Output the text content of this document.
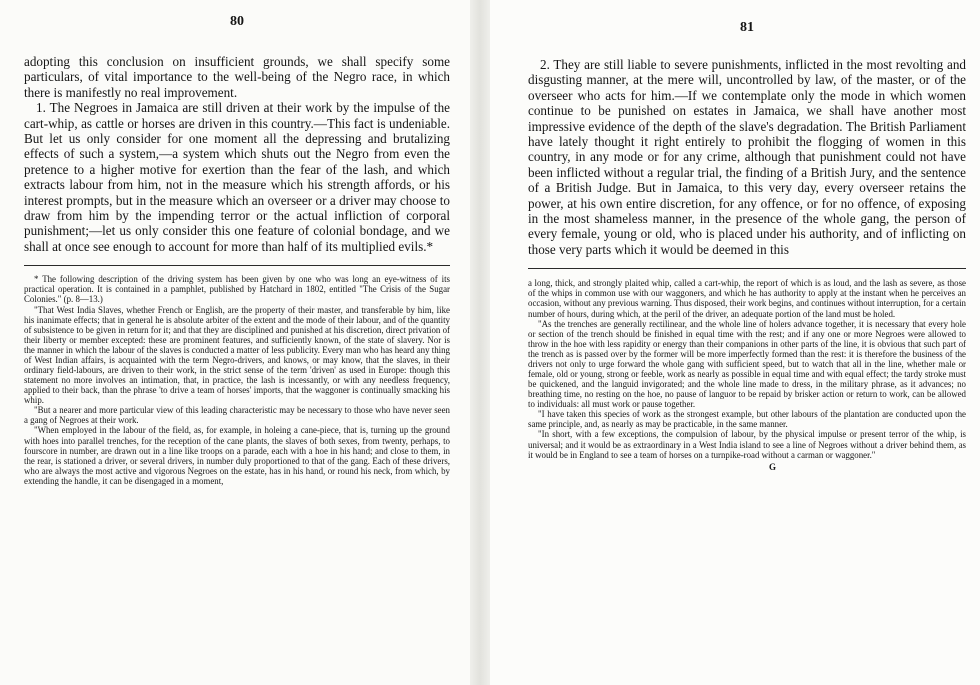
80

adopting this conclusion on insufficient grounds, we shall specify some particulars, of vital importance to the well-being of the Negro race, in which there is manifestly no real improvement.

1. The Negroes in Jamaica are still driven at their work by the impulse of the cart-whip, as cattle or horses are driven in this country.—This fact is undeniable. But let us only consider for one moment all the depressing and brutalizing effects of such a system,—a system which shuts out the Negro from even the pretence to a higher motive for exertion than the fear of the lash, and which extracts labour from him, not in the measure which his strength affords, or his interest prompts, but in the measure which an overseer or a driver may choose to draw from him by the impending terror or the actual infliction of corporal punishment;—let us only consider this one feature of colonial bondage, and we shall at once see enough to account for more than half of its multiplied evils.*

* The following description of the driving system has been given by one who was long an eye-witness of its practical operation. It is contained in a pamphlet, published by Hatchard in 1802, entitled "The Crisis of the Sugar Colonies." (p. 8—13.)

"That West India Slaves, whether French or English, are the property of their master, and transferable by him, like his inanimate effects; that in general he is absolute arbiter of the extent and the mode of their labour, and of the quantity of subsistence to be given in return for it; and that they are disciplined and punished at his discretion, direct privation of their liberty or member excepted: these are prominent features, and sufficiently known, of the state of slavery. Nor is the manner in which the labour of the slaves is conducted a matter of less publicity. Every man who has heard any thing of West Indian affairs, is acquainted with the term Negro-drivers, and knows, or may know, that the slaves, in their ordinary field-labours, are driven to their work, in the strict sense of the term 'driven' as used in Europe: though this statement no more involves an intimation, that, in practice, the lash is incessantly, or with any needless frequency, applied to their back, than the phrase 'to drive a team of horses' imports, that the waggoner is continually smacking his whip.

"But a nearer and more particular view of this leading characteristic may be necessary to those who have never seen a gang of Negroes at their work.

"When employed in the labour of the field, as, for example, in holeing a cane-piece, that is, turning up the ground with hoes into parallel trenches, for the reception of the cane plants, the slaves of both sexes, from twenty, perhaps, to fourscore in number, are drawn out in a line like troops on a parade, each with a hoe in his hand; and close to them, in the rear, is stationed a driver, or several drivers, in number duly proportioned to that of the gang. Each of these drivers, who are always the most active and vigorous Negroes on the estate, has in his hand, or round his neck, from which, by extending the handle, it can be disengaged in a moment,

81

2. They are still liable to severe punishments, inflicted in the most revolting and disgusting manner, at the mere will, uncontrolled by law, of the master, or of the overseer who acts for him.—If we contemplate only the mode in which women continue to be punished on estates in Jamaica, we shall have another most impressive evidence of the depth of the slave's degradation. The British Parliament have lately thought it right entirely to prohibit the flogging of women in this country, in any mode or for any crime, although that punishment could not have been inflicted without a regular trial, the finding of a British Jury, and the sentence of a British Judge. But in Jamaica, to this very day, every overseer retains the power, at his own entire discretion, for any offence, or for no offence, of exposing in the most shameless manner, in the presence of the whole gang, the person of every female, young or old, who is placed under his authority, and of inflicting on those very parts which it would be deemed in this

a long, thick, and strongly plaited whip, called a cart-whip, the report of which is as loud, and the lash as severe, as those of the whips in common use with our waggoners, and which he has authority to apply at the instant when he perceives an occasion, without any previous warning. Thus disposed, their work begins, and continues without interruption, for a certain number of hours, during which, at the peril of the driver, an adequate portion of the land must be holed.

"As the trenches are generally rectilinear, and the whole line of holers advance together, it is necessary that every hole or section of the trench should be finished in equal time with the rest; and if any one or more Negroes were allowed to throw in the hoe with less rapidity or energy than their companions in other parts of the line, it is obvious that such part of the trench as is passed over by the former will be more imperfectly formed than the rest: it is therefore the business of the drivers not only to urge forward the whole gang with sufficient speed, but to watch that all in the line, whether male or female, old or young, strong or feeble, work as nearly as possible in equal time and with equal effect; the tardy stroke must be quickened, and the languid invigorated; and the whole line made to dress, in the military phrase, as it advances; no breathing time, no resting on the hoe, no pause of languor to be repaid by brisker action or return to work, can be allowed to individuals: all must work or pause together.

"I have taken this species of work as the strongest example, but other labours of the plantation are conducted upon the same principle, and, as nearly as may be practicable, in the same manner.

"In short, with a few exceptions, the compulsion of labour, by the physical impulse or present terror of the whip, is universal; and it would be as extraordinary in a West India island to see a line of Negroes without a driver behind them, as it would be in England to see a team of horses on a turnpike-road without a carman or waggoner."

G
